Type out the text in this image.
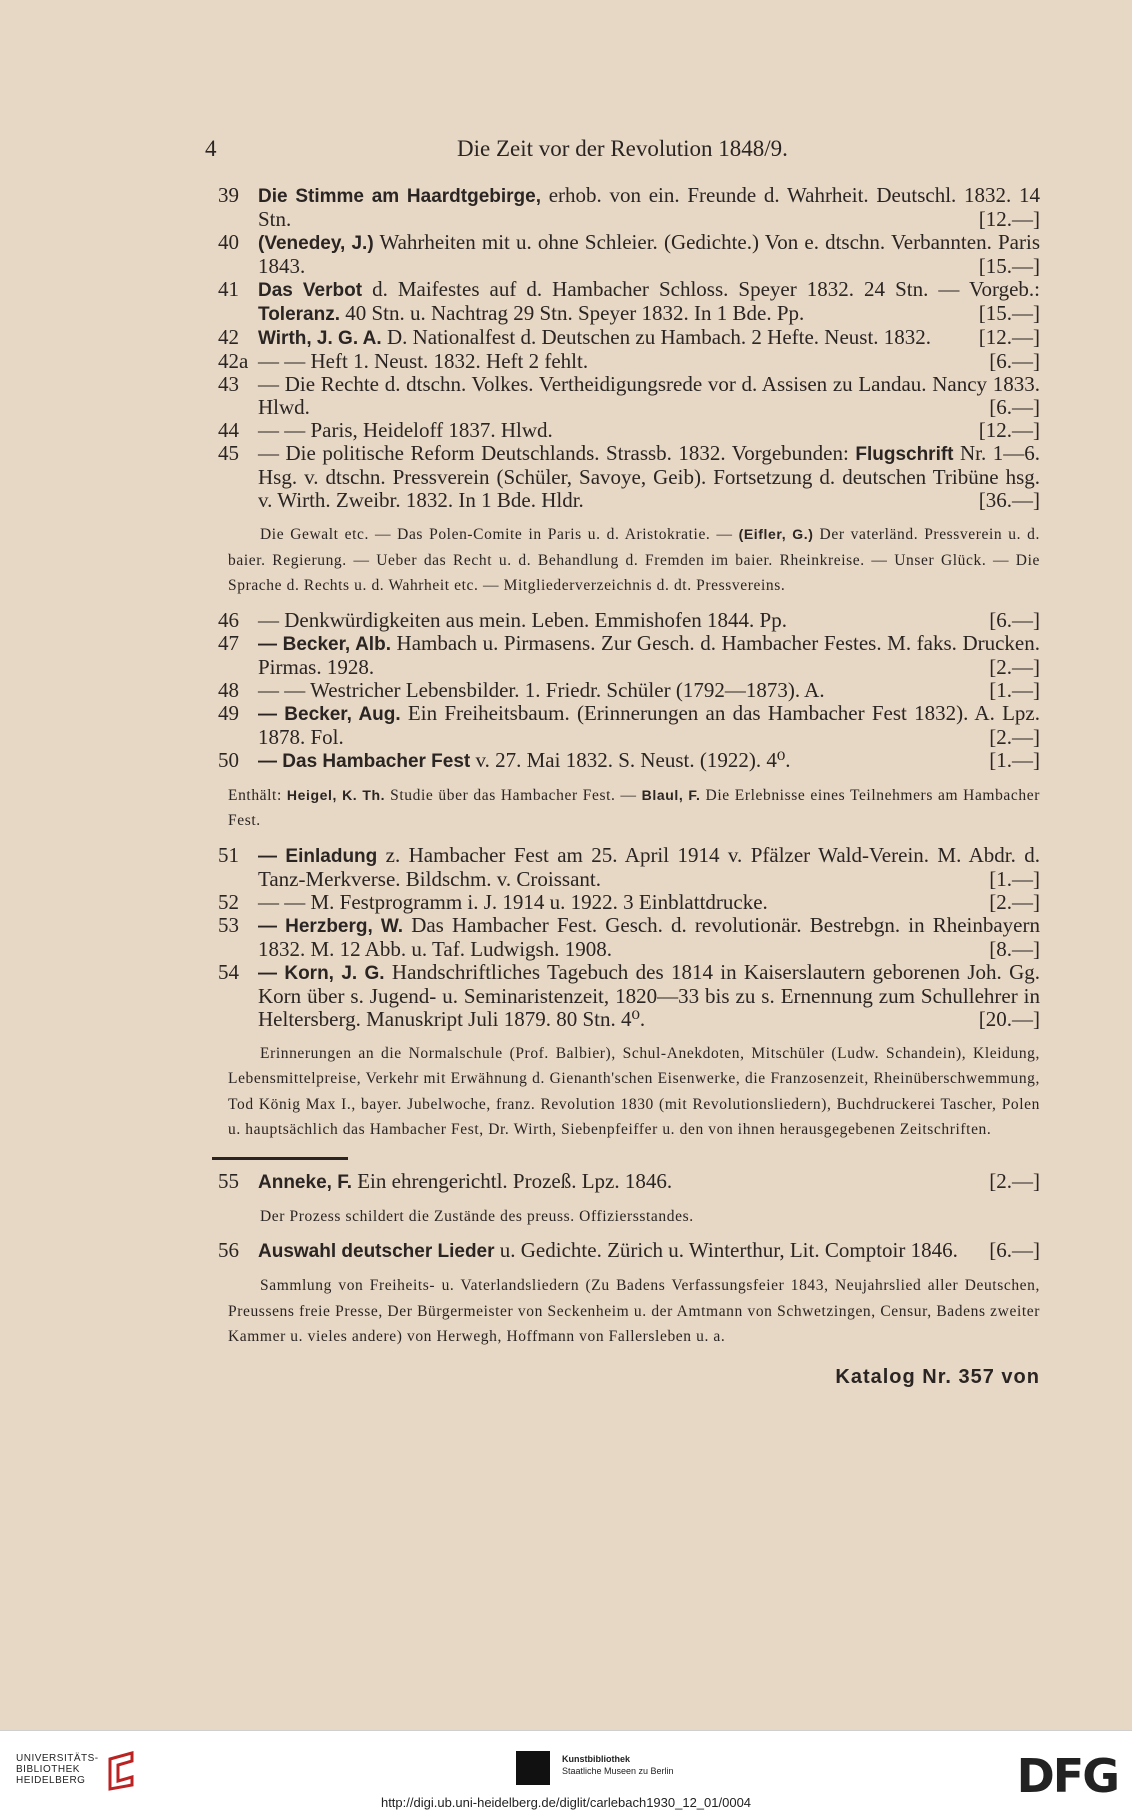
4	Die Zeit vor der Revolution 1848/9.
39 Die Stimme am Haardtgebirge, erhob. von ein. Freunde d. Wahrheit. Deutschl. 1832. 14 Stn.	[12.—]
40 (Venedey, J.) Wahrheiten mit u. ohne Schleier. (Gedichte.) Von e. dtschn. Verbannten. Paris 1843.	[15.—]
41 Das Verbot d. Maifestes auf d. Hambacher Schloss. Speyer 1832. 24 Stn. — Vorgeb.: Toleranz. 40 Stn. u. Nachtrag 29 Stn. Speyer 1832. In 1 Bde. Pp.	[15.—]
42 Wirth, J. G. A. D. Nationalfest d. Deutschen zu Hambach. 2 Hefte. Neust. 1832.	[12.—]
42a — — Heft 1. Neust. 1832. Heft 2 fehlt.	[6.—]
43 — Die Rechte d. dtschn. Volkes. Vertheidigungsrede vor d. Assisen zu Landau. Nancy 1833. Hlwd.	[6.—]
44 — — Paris, Heideloff 1837. Hlwd.	[12.—]
45 — Die politische Reform Deutschlands. Strassb. 1832. Vorgebunden: Flugschrift Nr. 1—6. Hsg. v. dtschn. Pressverein (Schüler, Savoye, Geib). Fortsetzung d. deutschen Tribüne hsg. v. Wirth. Zweibr. 1832. In 1 Bde. Hldr.	[36.—]
Die Gewalt etc. — Das Polen-Comite in Paris u. d. Aristokratie. — (Eifler, G.) Der vaterländ. Pressverein u. d. baier. Regierung. — Ueber das Recht u. d. Behandlung d. Fremden im baier. Rheinkreise. — Unser Glück. — Die Sprache d. Rechts u. d. Wahrheit etc. — Mitgliederverzeichnis d. dt. Pressvereins.
46 — Denkwürdigkeiten aus mein. Leben. Emmishofen 1844. Pp.	[6.—]
47 — Becker, Alb. Hambach u. Pirmasens. Zur Gesch. d. Hambacher Festes. M. faks. Drucken. Pirmas. 1928.	[2.—]
48 — — Westricher Lebensbilder. 1. Friedr. Schüler (1792—1873). A.	[1.—]
49 — Becker, Aug. Ein Freiheitsbaum. (Erinnerungen an das Hambacher Fest 1832). A. Lpz. 1878. Fol.	[2.—]
50 — Das Hambacher Fest v. 27. Mai 1832. S. Neust. (1922). 4⁰.	[1.—]
Enthält: Heigel, K. Th. Studie über das Hambacher Fest. — Blaul, F. Die Erlebnisse eines Teilnehmers am Hambacher Fest.
51 — Einladung z. Hambacher Fest am 25. April 1914 v. Pfälzer Wald-Verein. M. Abdr. d. Tanz-Merkverse. Bildschm. v. Croissant.	[1.—]
52 — — M. Festprogramm i. J. 1914 u. 1922. 3 Einblattdrucke.	[2.—]
53 — Herzberg, W. Das Hambacher Fest. Gesch. d. revolutionär. Bestrebgn. in Rheinbayern 1832. M. 12 Abb. u. Taf. Ludwigsh. 1908.	[8.—]
54 — Korn, J. G. Handschriftliches Tagebuch des 1814 in Kaiserslautern geborenen Joh. Gg. Korn über s. Jugend- u. Seminaristenzeit, 1820—33 bis zu s. Ernennung zum Schullehrer in Heltersberg. Manuskript Juli 1879. 80 Stn. 4⁰.	[20.—]
Erinnerungen an die Normalschule (Prof. Balbier), Schul-Anekdoten, Mitschüler (Ludw. Schandein), Kleidung, Lebensmittelpreise, Verkehr mit Erwähnung d. Gienanth'schen Eisenwerke, die Franzosenzeit, Rheinüberschwemmung, Tod König Max I., bayer. Jubelwoche, franz. Revolution 1830 (mit Revolutionsliedern), Buchdruckerei Tascher, Polen u. hauptsächlich das Hambacher Fest, Dr. Wirth, Siebenpfeiffer u. den von ihnen herausgegebenen Zeitschriften.
55 Anneke, F. Ein ehrengerichtl. Prozeß. Lpz. 1846.	[2.—]
Der Prozess schildert die Zustände des preuss. Offiziersstandes.
56 Auswahl deutscher Lieder u. Gedichte. Zürich u. Winterthur, Lit. Comptoir 1846.	[6.—]
Sammlung von Freiheits- u. Vaterlandsliedern (Zu Badens Verfassungsfeier 1843, Neujahrslied aller Deutschen, Preussens freie Presse, Der Bürgermeister von Seckenheim u. der Amtmann von Schwetzingen, Censur, Badens zweiter Kammer u. vieles andere) von Herwegh, Hoffmann von Fallersleben u. a.
Katalog Nr. 357 von
UNIVERSITÄTS-
BIBLIOTHEK
HEIDELBERG
Kunstbibliothek
Staatliche Museen zu Berlin	DFG
http://digi.ub.uni-heidelberg.de/diglit/carlebach1930_12_01/0004
